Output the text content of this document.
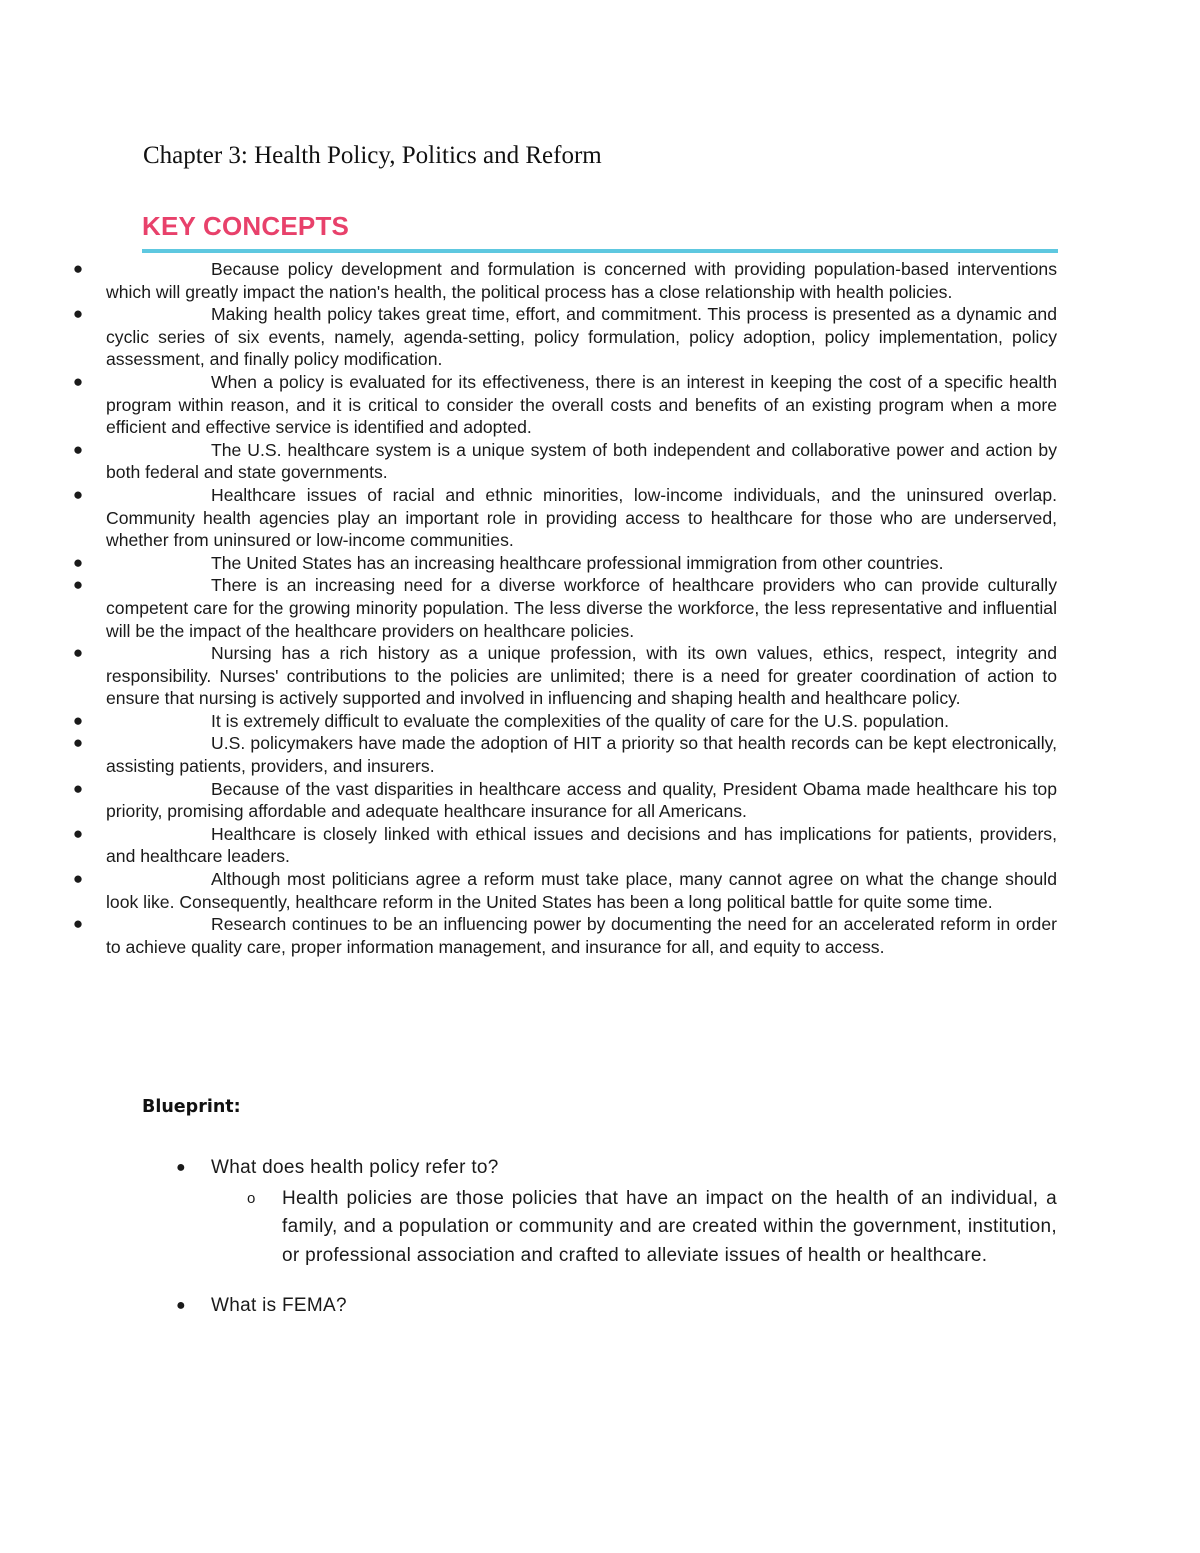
Chapter 3: Health Policy, Politics and Reform
KEY CONCEPTS
●	Because policy development and formulation is concerned with providing population-based interventions which will greatly impact the nation's health, the political process has a close relationship with health policies.
●	Making health policy takes great time, effort, and commitment. This process is presented as a dynamic and cyclic series of six events, namely, agenda-setting, policy formulation, policy adoption, policy implementation, policy assessment, and finally policy modification.
●	When a policy is evaluated for its effectiveness, there is an interest in keeping the cost of a specific health program within reason, and it is critical to consider the overall costs and benefits of an existing program when a more efficient and effective service is identified and adopted.
●	The U.S. healthcare system is a unique system of both independent and collaborative power and action by both federal and state governments.
●	Healthcare issues of racial and ethnic minorities, low-income individuals, and the uninsured overlap. Community health agencies play an important role in providing access to healthcare for those who are underserved, whether from uninsured or low-income communities.
●	The United States has an increasing healthcare professional immigration from other countries.
●	There is an increasing need for a diverse workforce of healthcare providers who can provide culturally competent care for the growing minority population. The less diverse the workforce, the less representative and influential will be the impact of the healthcare providers on healthcare policies.
●	Nursing has a rich history as a unique profession, with its own values, ethics, respect, integrity and responsibility. Nurses' contributions to the policies are unlimited; there is a need for greater coordination of action to ensure that nursing is actively supported and involved in influencing and shaping health and healthcare policy.
●	It is extremely difficult to evaluate the complexities of the quality of care for the U.S. population.
●	U.S. policymakers have made the adoption of HIT a priority so that health records can be kept electronically, assisting patients, providers, and insurers.
●	Because of the vast disparities in healthcare access and quality, President Obama made healthcare his top priority, promising affordable and adequate healthcare insurance for all Americans.
●	Healthcare is closely linked with ethical issues and decisions and has implications for patients, providers, and healthcare leaders.
●	Although most politicians agree a reform must take place, many cannot agree on what the change should look like. Consequently, healthcare reform in the United States has been a long political battle for quite some time.
●	Research continues to be an influencing power by documenting the need for an accelerated reform in order to achieve quality care, proper information management, and insurance for all, and equity to access.
Blueprint:
● What does health policy refer to?
o Health policies are those policies that have an impact on the health of an individual, a family, and a population or community and are created within the government, institution, or professional association and crafted to alleviate issues of health or healthcare.
● What is FEMA?
